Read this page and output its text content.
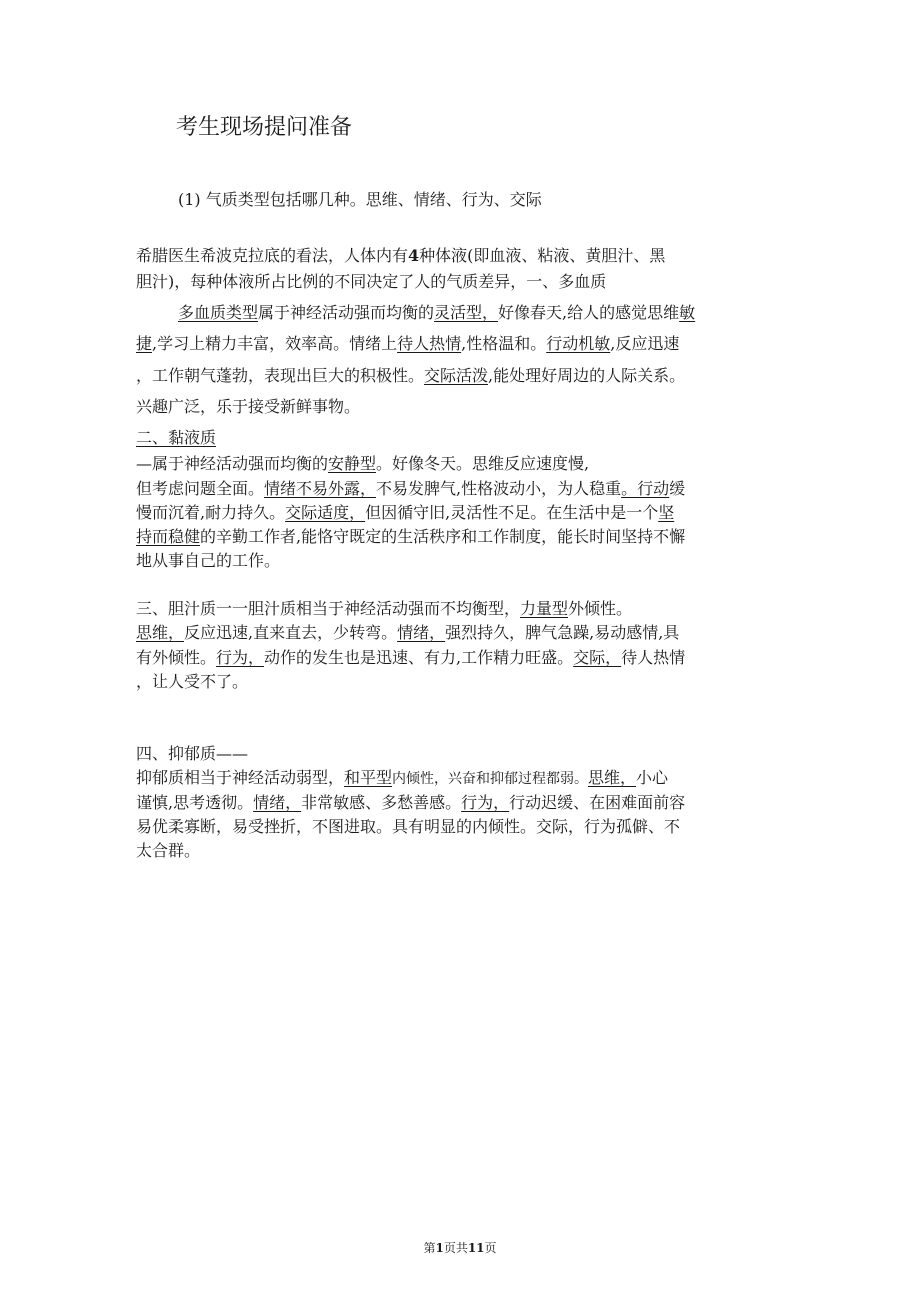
考生现场提问准备
(1) 气质类型包括哪几种。思维、情绪、行为、交际
希腊医生希波克拉底的看法，人体内有4种体液(即血液、粘液、黄胆汁、黑
胆汁)，每种体液所占比例的不同决定了人的气质差异，一、多血质
多血质类型属于神经活动强而均衡的灵活型，好像春天,给人的感觉思维敏
捷,学习上精力丰富，效率高。情绪上待人热情,性格温和。行动机敏,反应迅速
，工作朝气蓬勃，表现出巨大的积极性。交际活泼,能处理好周边的人际关系。
兴趣广泛，乐于接受新鲜事物。
二、黏液质
—属于神经活动强而均衡的安静型。好像冬天。思维反应速度慢,
但考虑问题全面。情绪不易外露，不易发脾气,性格波动小，为人稳重。行动缓
慢而沉着,耐力持久。交际适度，但因循守旧,灵活性不足。在生活中是一个坚
持而稳健的辛勤工作者,能恪守既定的生活秩序和工作制度，能长时间坚持不懈
地从事自己的工作。
三、胆汁质一一胆汁质相当于神经活动强而不均衡型，力量型外倾性。
思维，反应迅速,直来直去，少转弯。情绪，强烈持久，脾气急躁,易动感情,具
有外倾性。行为，动作的发生也是迅速、有力,工作精力旺盛。交际，待人热情
，让人受不了。
四、抑郁质——
抑郁质相当于神经活动弱型，和平型内倾性，兴奋和抑郁过程都弱。思维，小心
谨慎,思考透彻。情绪，非常敏感、多愁善感。行为，行动迟缓、在困难面前容
易优柔寡断，易受挫折，不图进取。具有明显的内倾性。交际，行为孤僻、不
太合群。
第1页共11页
